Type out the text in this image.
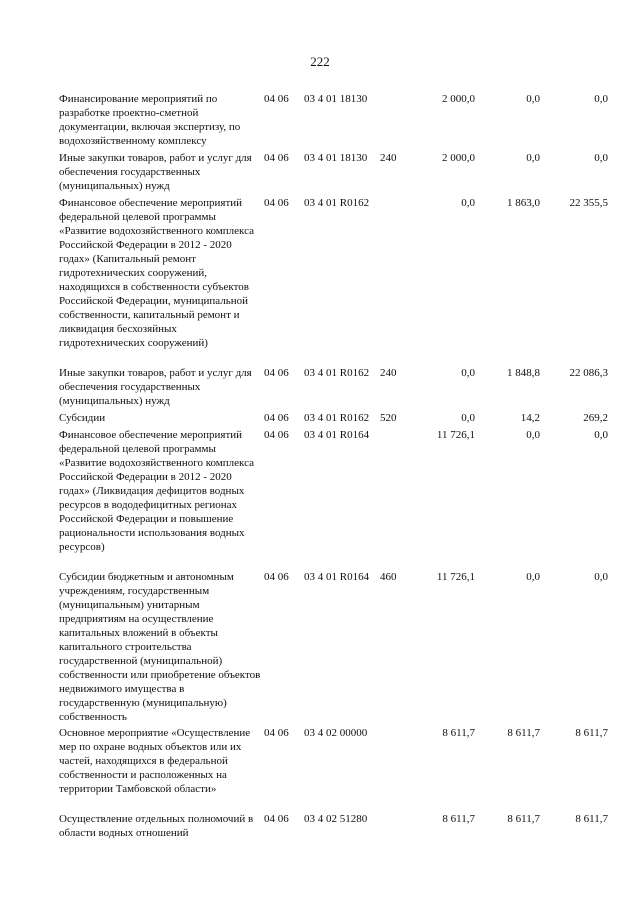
222
Финансирование мероприятий по разработке проектно-сметной документации, включая экспертизу, по водохозяйственному комплексу
04 06 03 4 01 18130	2 000,0	0,0	0,0
Иные закупки товаров, работ и услуг для обеспечения государственных (муниципальных) нужд
04 06 03 4 01 18130 240	2 000,0	0,0	0,0
Финансовое обеспечение мероприятий федеральной целевой программы «Развитие водохозяйственного комплекса Российской Федерации в 2012 - 2020 годах» (Капитальный ремонт гидротехнических сооружений, находящихся в собственности субъектов Российской Федерации, муниципальной собственности, капитальный ремонт и ликвидация бесхозяйных гидротехнических сооружений)
04 06 03 4 01 R0162	0,0	1 863,0	22 355,5
Иные закупки товаров, работ и услуг для обеспечения государственных (муниципальных) нужд
04 06 03 4 01 R0162 240	0,0	1 848,8	22 086,3
Субсидии	04 06 03 4 01 R0162 520	0,0	14,2	269,2
Финансовое обеспечение мероприятий федеральной целевой программы «Развитие водохозяйственного комплекса Российской Федерации в 2012 - 2020 годах» (Ликвидация дефицитов водных ресурсов в вододефицитных регионах Российской Федерации и повышение рациональности использования водных ресурсов)
04 06 03 4 01 R0164	11 726,1	0,0	0,0
Субсидии бюджетным и автономным учреждениям, государственным (муниципальным) унитарным предприятиям на осуществление капитальных вложений в объекты капитального строительства государственной (муниципальной) собственности или приобретение объектов недвижимого имущества в государственную (муниципальную) собственность
04 06 03 4 01 R0164 460	11 726,1	0,0	0,0
Основное мероприятие «Осуществление мер по охране водных объектов или их частей, находящихся в федеральной собственности и расположенных на территории Тамбовской области»
04 06 03 4 02 00000	8 611,7	8 611,7	8 611,7
Осуществление отдельных полномочий в области водных отношений
04 06 03 4 02 51280	8 611,7	8 611,7	8 611,7
